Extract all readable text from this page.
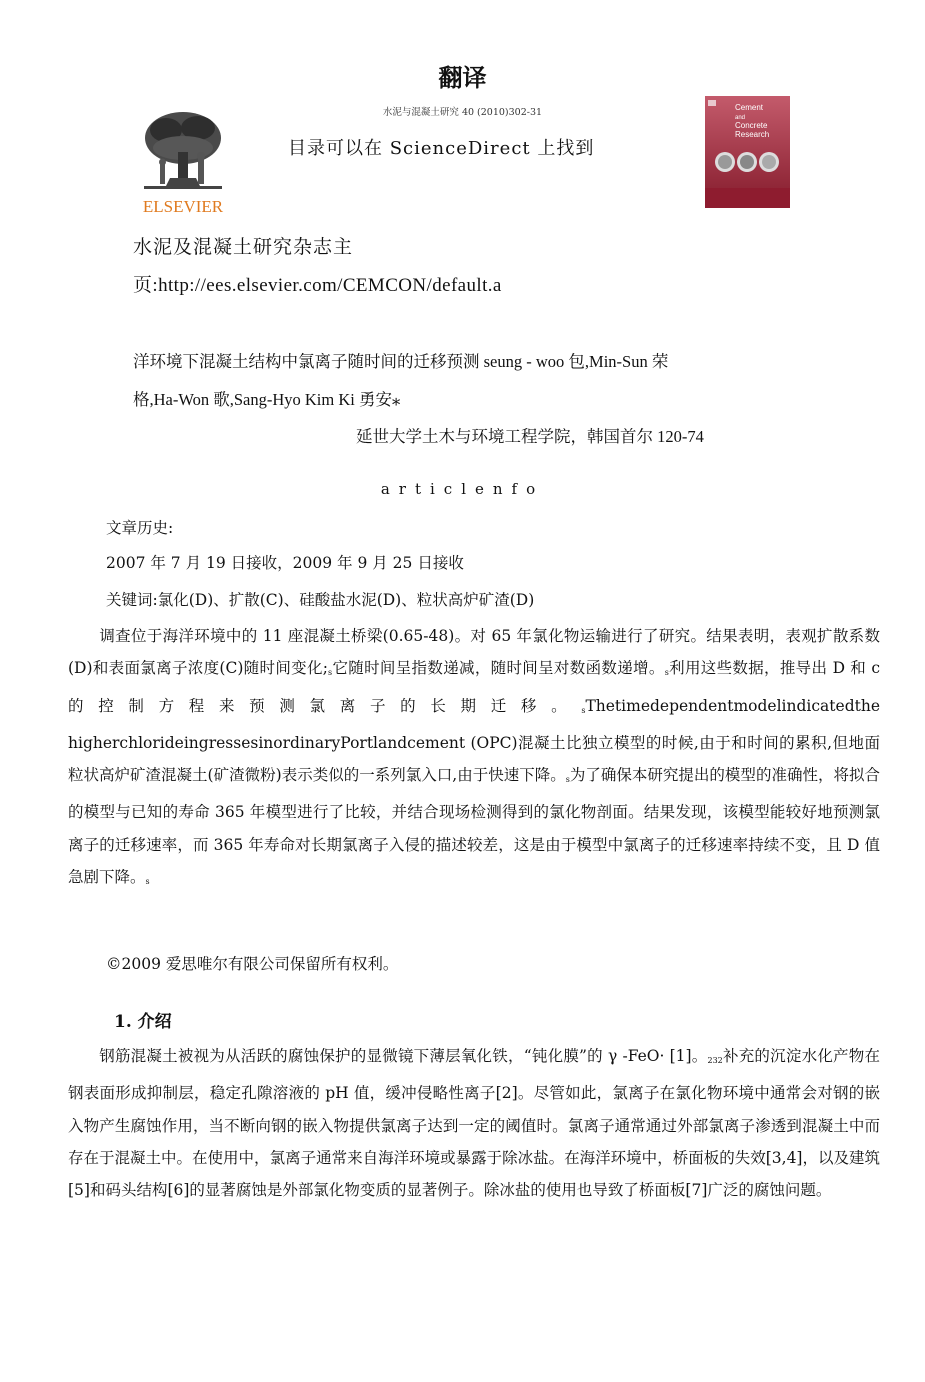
翻译
水泥与混凝土研究 40 (2010)302-31
ELSEVIER
目录可以在 ScienceDirect 上找到
Cement
and
Concrete
Research
水泥及混凝土研究杂志主
页:http://ees.elsevier.com/CEMCON/default.a
洋环境下混凝土结构中氯离子随时间的迁移预测 seung - woo 包,Min-Sun 荣
格,Ha-Won 歌,Sang-Hyo Kim Ki 勇安⁎
延世大学土木与环境工程学院，韩国首尔 120-74
articlenfo
文章历史:
2007 年 7 月 19 日接收，2009 年 9 月 25 日接收
关键词:氯化(D)、扩散(C)、硅酸盐水泥(D)、粒状高炉矿渣(D)
调查位于海洋环境中的 11 座混凝土桥梁(0.65-48)。对 65 年氯化物运输进行了研究。结果表明，表观扩散系数(D)和表面氯离子浓度(C)随时间变化$;_s$它随时间呈指数递减，随时间呈对数函数递增。$_s$利用这些数据，推导出 D 和 c 的控制方程来预测氯离子的长期迁移。$_s$Thetimedependentmodelindicatedthe higherchlorideingressesinordinaryPortlandcement (OPC)混凝土比独立模型的时候,由于和时间的累积,但地面粒状高炉矿渣混凝土(矿渣微粉)表示类似的一系列氯入口,由于快速下降。$_s$为了确保本研究提出的模型的准确性，将拟合的模型与已知的寿命 365 年模型进行了比较，并结合现场检测得到的氯化物剖面。结果发现，该模型能较好地预测氯离子的迁移速率，而 365 年寿命对长期氯离子入侵的描述较差，这是由于模型中氯离子的迁移速率持续不变，且 D 值急剧下降。$_s$
©2009 爱思唯尔有限公司保留所有权利。
1. 介绍
钢筋混凝土被视为从活跃的腐蚀保护的显微镜下薄层氧化铁，“钝化膜”的 γ -FeO· [1]。$_{232}$补充的沉淀水化产物在钢表面形成抑制层，稳定孔隙溶液的 pH 值，缓冲侵略性离子[2]。尽管如此，氯离子在氯化物环境中通常会对钢的嵌入物产生腐蚀作用，当不断向钢的嵌入物提供氯离子达到一定的阈值时。氯离子通常通过外部氯离子渗透到混凝土中而存在于混凝土中。在使用中，氯离子通常来自海洋环境或暴露于除冰盐。在海洋环境中，桥面板的失效[3,4]，以及建筑[5]和码头结构[6]的显著腐蚀是外部氯化物变质的显著例子。除冰盐的使用也导致了桥面板[7]广泛的腐蚀问题。
